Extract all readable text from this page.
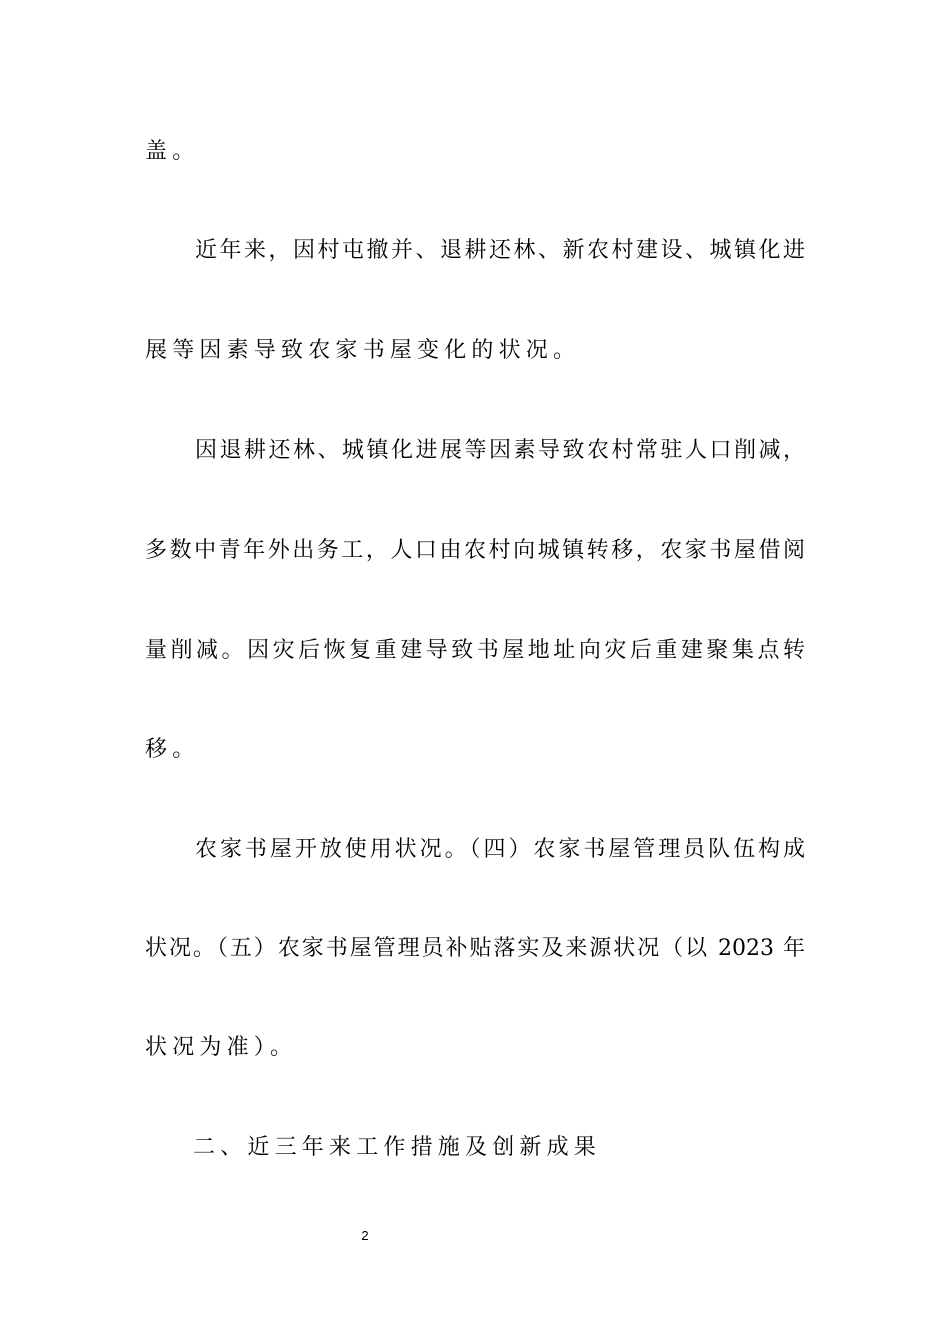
盖。
近年来，因村屯撤并、退耕还林、新农村建设、城镇化进
展等因素导致农家书屋变化的状况。
因退耕还林、城镇化进展等因素导致农村常驻人口削减，
多数中青年外出务工，人口由农村向城镇转移，农家书屋借阅
量削减。因灾后恢复重建导致书屋地址向灾后重建聚集点转
移。
农家书屋开放使用状况。（四）农家书屋管理员队伍构成
状况。（五）农家书屋管理员补贴落实及来源状况（以 2023 年
状况为准）。
二、近三年来工作措施及创新成果
2
